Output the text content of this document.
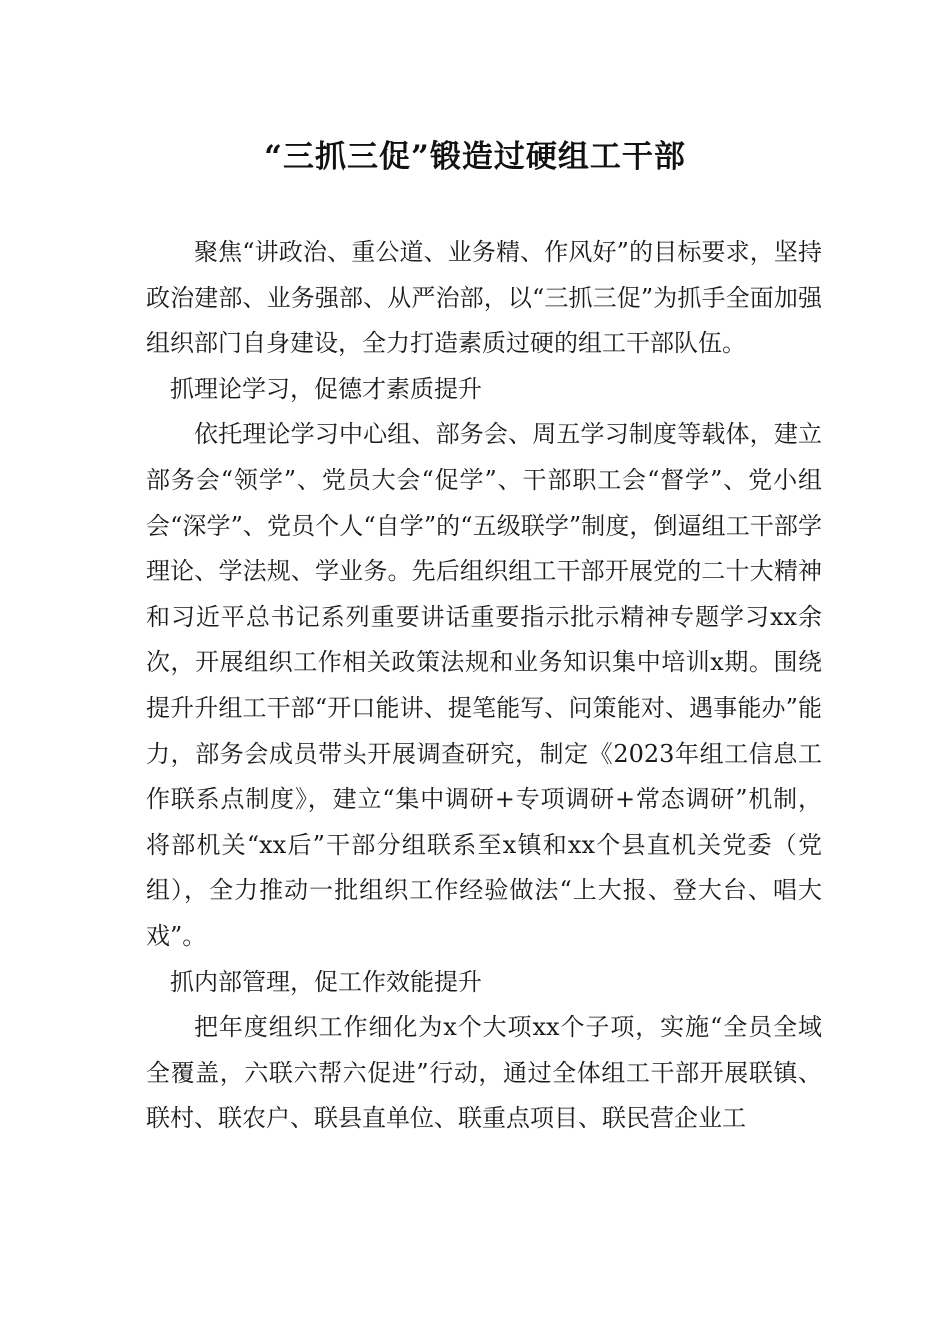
“三抓三促”锻造过硬组工干部

聚焦“讲政治、重公道、业务精、作风好”的目标要求，坚持政治建部、业务强部、从严治部，以“三抓三促”为抓手全面加强组织部门自身建设，全力打造素质过硬的组工干部队伍。

抓理论学习，促德才素质提升

依托理论学习中心组、部务会、周五学习制度等载体，建立部务会“领学”、党员大会“促学”、干部职工会“督学”、党小组会“深学”、党员个人“自学”的“五级联学”制度，倒逼组工干部学理论、学法规、学业务。先后组织组工干部开展党的二十大精神和习近平总书记系列重要讲话重要指示批示精神专题学习xx余次，开展组织工作相关政策法规和业务知识集中培训x期。围绕提升升组工干部“开口能讲、提笔能写、问策能对、遇事能办”能力，部务会成员带头开展调查研究，制定《2023年组工信息工作联系点制度》，建立“集中调研+专项调研+常态调研”机制，将部机关“xx后”干部分组联系至x镇和xx个县直机关党委（党组），全力推动一批组织工作经验做法“上大报、登大台、唱大戏”。

抓内部管理，促工作效能提升

把年度组织工作细化为x个大项xx个子项，实施“全员全域全覆盖，六联六帮六促进”行动，通过全体组工干部开展联镇、联村、联农户、联县直单位、联重点项目、联民营企业工
